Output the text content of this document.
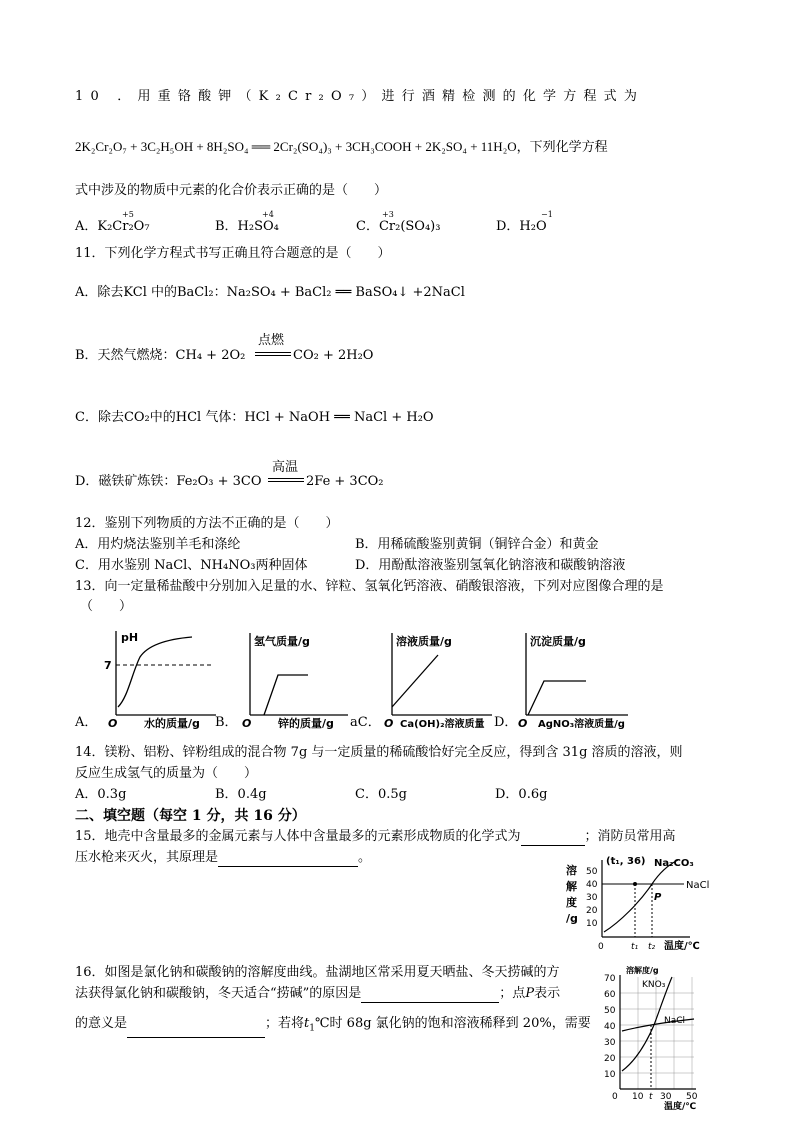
10 ．用重铬酸钾（K₂Cr₂O₇）进行酒精检测的化学方程式为
2K₂Cr₂O₇ + 3C₂H₅OH + 8H₂SO₄ ══ 2Cr₂(SO₄)₃ + 3CH₃COOH + 2K₂SO₄ + 11H₂O，下列化学方程
式中涉及的物质中元素的化合价表示正确的是（　　）
A．K₂Cr₂O₇
+5
B．H₂SO₄
+4
C．Cr₂(SO₄)₃
+3
D．H₂O
−1
11．下列化学方程式书写正确且符合题意的是（　　）
A．除去KCl 中的BaCl₂：Na₂SO₄ + BaCl₂ ══ BaSO₄↓ +2NaCl
B．天然气燃烧：CH₄ + 2O₂
点燃
CO₂ + 2H₂O
C．除去CO₂中的HCl 气体：HCl + NaOH ══ NaCl + H₂O
D．磁铁矿炼铁：Fe₂O₃ + 3CO
高温
2Fe + 3CO₂
12．鉴别下列物质的方法不正确的是（　　）
A．用灼烧法鉴别羊毛和涤纶	B．用稀硫酸鉴别黄铜（铜锌合金）和黄金
C．用水鉴别 NaCl、NH₄NO₃两种固体	D．用酚酞溶液鉴别氢氧化钠溶液和碳酸钠溶液
13．向一定量稀盐酸中分别加入足量的水、锌粒、氢氧化钙溶液、硝酸银溶液，下列对应图像合理的是
（　　）
pH
7
O 水的质量/g
氢气质量/g
O 锌的质量/g
溶液质量/g
O Ca(OH)₂溶液质量
沉淀质量/g
O AgNO₃溶液质量/g
A．	B．	aC．	D．
14．镁粉、铝粉、锌粉组成的混合物 7g 与一定质量的稀硫酸恰好完全反应，得到含 31g 溶质的溶液，则
反应生成氢气的质量为（　　）
A．0.3g	B．0.4g	C．0.5g	D．0.6g
二、填空题（每空 1 分，共 16 分）
15．地壳中含量最多的金属元素与人体中含量最多的元素形成物质的化学式为	；消防员常用高
压水枪来灭火，其原理是	。
16．如图是氯化钠和碳酸钠的溶解度曲线。盐湖地区常采用夏天晒盐、冬天捞碱的方
法获得氯化钠和碳酸钠，冬天适合“捞碱”的原因是	；点P表示
的意义是	；若将$t_1℃$时 68g 氯化钠的饱和溶液稀释到 20%，需要
溶
解
度
/g
50
40
30
20
10
(t₁, 36) Na₂CO₃
NaCl
P
0	t₁ t₂ 温度/℃
溶解度/g
70
60
50
40
30
20
10
KNO₃
NaCl
0 10 t 30 50
温度/℃
